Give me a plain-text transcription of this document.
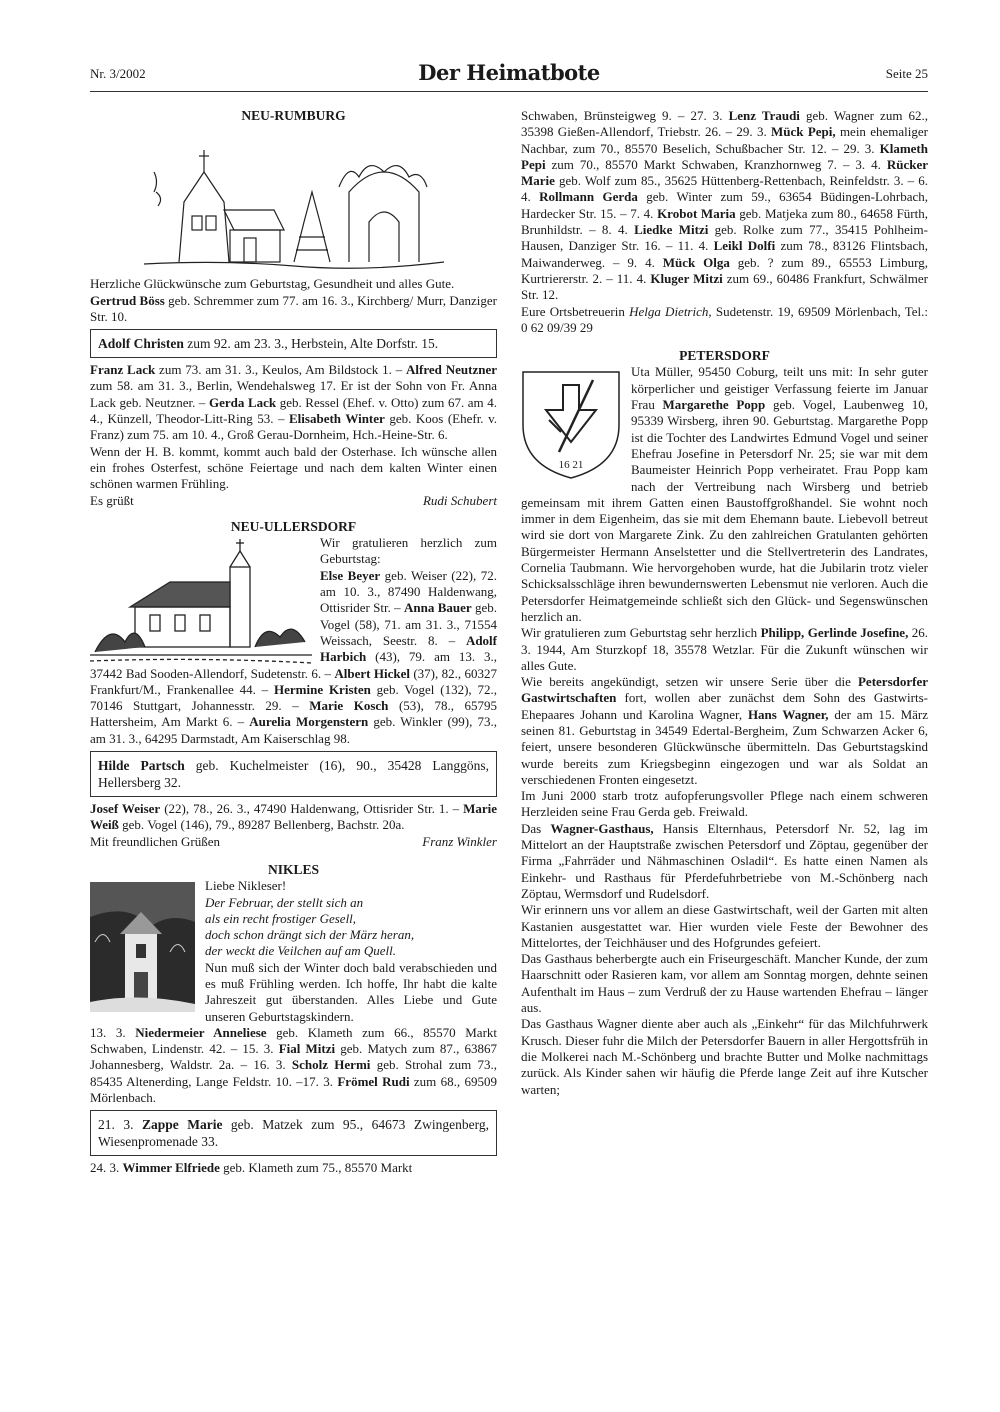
Nr. 3/2002	Der Heimatbote	Seite 25

NEU-RUMBURG

Herzliche Glückwünsche zum Geburtstag, Gesundheit und alles Gute.

Gertrud Böss geb. Schremmer zum 77. am 16. 3., Kirchberg/ Murr, Danziger Str. 10.

Adolf Christen zum 92. am 23. 3., Herbstein, Alte Dorfstr. 15.

Franz Lack zum 73. am 31. 3., Keulos, Am Bildstock 1. – Alfred Neutzner zum 58. am 31. 3., Berlin, Wendehalsweg 17. Er ist der Sohn von Fr. Anna Lack geb. Neutzner. – Gerda Lack geb. Ressel (Ehef. v. Otto) zum 67. am 4. 4., Künzell, Theodor-Litt-Ring 53. – Elisabeth Winter geb. Koos (Ehefr. v. Franz) zum 75. am 10. 4., Groß Gerau-Dornheim, Hch.-Heine-Str. 6.

Wenn der H. B. kommt, kommt auch bald der Osterhase. Ich wünsche allen ein frohes Osterfest, schöne Feiertage und nach dem kalten Winter einen schönen warmen Frühling.

Es grüßt	Rudi Schubert

NEU-ULLERSDORF

Wir gratulieren herzlich zum Geburtstag:

Else Beyer geb. Weiser (22), 72. am 10. 3., 87490 Haldenwang, Ottisrider Str. – Anna Bauer geb. Vogel (58), 71. am 31. 3., 71554 Weissach, Seestr. 8. – Adolf Harbich (43), 79. am 13. 3., 37442 Bad Sooden-Allendorf, Sudetenstr. 6. – Albert Hickel (37), 82., 60327 Frankfurt/M., Frankenallee 44. – Hermine Kristen geb. Vogel (132), 72., 70146 Stuttgart, Johannesstr. 29. – Marie Kosch (53), 78., 65795 Hattersheim, Am Markt 6. – Aurelia Morgenstern geb. Winkler (99), 73., am 31. 3., 64295 Darmstadt, Am Kaiserschlag 98.

Hilde Partsch geb. Kuchelmeister (16), 90., 35428 Langgöns, Hellersberg 32.

Josef Weiser (22), 78., 26. 3., 47490 Haldenwang, Ottisrider Str. 1. – Marie Weiß geb. Vogel (146), 79., 89287 Bellenberg, Bachstr. 20a.

Mit freundlichen Grüßen	Franz Winkler

NIKLES

Liebe Nikleser!

Der Februar, der stellt sich an
als ein recht frostiger Gesell,
doch schon drängt sich der März heran,
der weckt die Veilchen auf am Quell.

Nun muß sich der Winter doch bald verabschieden und es muß Frühling werden. Ich hoffe, Ihr habt die kalte Jahreszeit gut überstanden. Alles Liebe und Gute unseren Geburtstagskindern.

13. 3. Niedermeier Anneliese geb. Klameth zum 66., 85570 Markt Schwaben, Lindenstr. 42. – 15. 3. Fial Mitzi geb. Matych zum 87., 63867 Johannesberg, Waldstr. 2a. – 16. 3. Scholz Hermi geb. Strohal zum 73., 85435 Altenerding, Lange Feldstr. 10. –17. 3. Frömel Rudi zum 68., 69509 Mörlenbach.

21. 3. Zappe Marie geb. Matzek zum 95., 64673 Zwingenberg, Wiesenpromenade 33.

24. 3. Wimmer Elfriede geb. Klameth zum 75., 85570 Markt

Schwaben, Brünsteigweg 9. – 27. 3. Lenz Traudi geb. Wagner zum 62., 35398 Gießen-Allendorf, Triebstr. 26. – 29. 3. Mück Pepi, mein ehemaliger Nachbar, zum 70., 85570 Beselich, Schußbacher Str. 12. – 29. 3. Klameth Pepi zum 70., 85570 Markt Schwaben, Kranzhornweg 7. – 3. 4. Rücker Marie geb. Wolf zum 85., 35625 Hüttenberg-Rettenbach, Reinfeldstr. 3. – 6. 4. Rollmann Gerda geb. Winter zum 59., 63654 Büdingen-Lohrbach, Hardecker Str. 15. – 7. 4. Krobot Maria geb. Matjeka zum 80., 64658 Fürth, Brunhildstr. – 8. 4. Liedke Mitzi geb. Rolke zum 77., 35415 Pohlheim-Hausen, Danziger Str. 16. – 11. 4. Leikl Dolfi zum 78., 83126 Flintsbach, Maiwanderweg. – 9. 4. Mück Olga geb. ? zum 89., 65553 Limburg, Kurtriererstr. 2. – 11. 4. Kluger Mitzi zum 69., 60486 Frankfurt, Schwälmer Str. 12.

Eure Ortsbetreuerin Helga Dietrich, Sudetenstr. 19, 69509 Mörlenbach, Tel.: 0 62 09/39 29

PETERSDORF

16 21

Uta Müller, 95450 Coburg, teilt uns mit: In sehr guter körperlicher und geistiger Verfassung feierte im Januar Frau Margarethe Popp geb. Vogel, Laubenweg 10, 95339 Wirsberg, ihren 90. Geburtstag. Margarethe Popp ist die Tochter des Landwirtes Edmund Vogel und seiner Ehefrau Josefine in Petersdorf Nr. 25; sie war mit dem Baumeister Heinrich Popp verheiratet. Frau Popp kam nach der Vertreibung nach Wirsberg und betrieb gemeinsam mit ihrem Gatten einen Baustoffgroßhandel. Sie wohnt noch immer in dem Eigenheim, das sie mit dem Ehemann baute. Liebevoll betreut wird sie dort von Margarete Zink. Zu den zahlreichen Gratulanten gehörten Bürgermeister Hermann Anselstetter und die Stellvertreterin des Landrates, Cornelia Taubmann. Wie hervorgehoben wurde, hat die Jubilarin trotz vieler Schicksalsschläge ihren bewundernswerten Lebensmut nie verloren. Auch die Petersdorfer Heimatgemeinde schließt sich den Glück- und Segenswünschen herzlich an.

Wir gratulieren zum Geburtstag sehr herzlich Philipp, Gerlinde Josefine, 26. 3. 1944, Am Sturzkopf 18, 35578 Wetzlar. Für die Zukunft wünschen wir alles Gute.

Wie bereits angekündigt, setzen wir unsere Serie über die Petersdorfer Gastwirtschaften fort, wollen aber zunächst dem Sohn des Gastwirts-Ehepaares Johann und Karolina Wagner, Hans Wagner, der am 15. März seinen 81. Geburtstag in 34549 Edertal-Bergheim, Zum Schwarzen Acker 6, feiert, unsere besonderen Glückwünsche übermitteln. Das Geburtstagskind wurde bereits zum Kriegsbeginn eingezogen und war als Soldat an verschiedenen Fronten eingesetzt.

Im Juni 2000 starb trotz aufopferungsvoller Pflege nach einem schweren Herzleiden seine Frau Gerda geb. Freiwald.

Das Wagner-Gasthaus, Hansis Elternhaus, Petersdorf Nr. 52, lag im Mittelort an der Hauptstraße zwischen Petersdorf und Zöptau, gegenüber der Firma „Fahrräder und Nähmaschinen Osladil“. Es hatte einen Namen als Einkehr- und Rasthaus für Pferdefuhrbetriebe von M.-Schönberg nach Zöptau, Wermsdorf und Rudelsdorf.

Wir erinnern uns vor allem an diese Gastwirtschaft, weil der Garten mit alten Kastanien ausgestattet war. Hier wurden viele Feste der Bewohner des Mittelortes, der Teichhäuser und des Hofgrundes gefeiert.

Das Gasthaus beherbergte auch ein Friseurgeschäft. Mancher Kunde, der zum Haarschnitt oder Rasieren kam, vor allem am Sonntag morgen, dehnte seinen Aufenthalt im Haus – zum Verdruß der zu Hause wartenden Ehefrau – länger aus.

Das Gasthaus Wagner diente aber auch als „Einkehr“ für das Milchfuhrwerk Krusch. Dieser fuhr die Milch der Petersdorfer Bauern in aller Hergottsfrüh in die Molkerei nach M.-Schönberg und brachte Butter und Molke nachmittags zurück. Als Kinder sahen wir häufig die Pferde lange Zeit auf ihre Kutscher warten;
